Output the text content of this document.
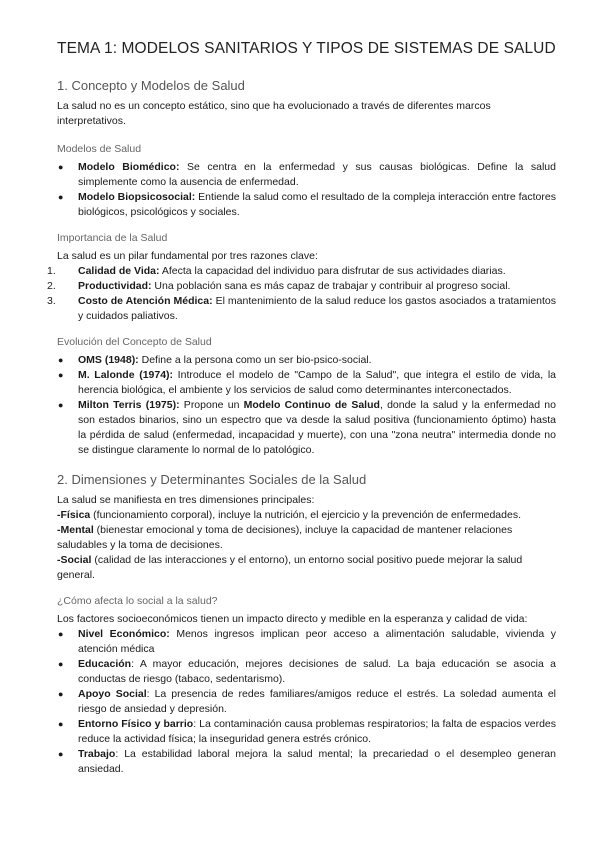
TEMA 1: MODELOS SANITARIOS Y TIPOS DE SISTEMAS DE SALUD
1. Concepto y Modelos de Salud

La salud no es un concepto estático, sino que ha evolucionado a través de diferentes marcos interpretativos.

Modelos de Salud
● Modelo Biomédico: Se centra en la enfermedad y sus causas biológicas. Define la salud simplemente como la ausencia de enfermedad.
● Modelo Biopsicosocial: Entiende la salud como el resultado de la compleja interacción entre factores biológicos, psicológicos y sociales.
Importancia de la Salud

La salud es un pilar fundamental por tres razones clave:

1. Calidad de Vida: Afecta la capacidad del individuo para disfrutar de sus actividades diarias.
2. Productividad: Una población sana es más capaz de trabajar y contribuir al progreso social.
3. Costo de Atención Médica: El mantenimiento de la salud reduce los gastos asociados a tratamientos y cuidados paliativos.
Evolución del Concepto de Salud
● OMS (1948): Define a la persona como un ser bio-psico-social.
● M. Lalonde (1974): Introduce el modelo de "Campo de la Salud", que integra el estilo de vida, la herencia biológica, el ambiente y los servicios de salud como determinantes interconectados.
● Milton Terris (1975): Propone un Modelo Continuo de Salud, donde la salud y la enfermedad no son estados binarios, sino un espectro que va desde la salud positiva (funcionamiento óptimo) hasta la pérdida de salud (enfermedad, incapacidad y muerte), con una "zona neutra" intermedia donde no se distingue claramente lo normal de lo patológico.
2. Dimensiones y Determinantes Sociales de la Salud

La salud se manifiesta en tres dimensiones principales:

-Física (funcionamiento corporal), incluye la nutrición, el ejercicio y la prevención de enfermedades.
-Mental (bienestar emocional y toma de decisiones), incluye la capacidad de mantener relaciones saludables y la toma de decisiones.
-Social (calidad de las interacciones y el entorno), un entorno social positivo puede mejorar la salud general.
¿Cómo afecta lo social a la salud?

Los factores socioeconómicos tienen un impacto directo y medible en la esperanza y calidad de vida:

● Nivel Económico: Menos ingresos implican peor acceso a alimentación saludable, vivienda y atención médica
● Educación: A mayor educación, mejores decisiones de salud. La baja educación se asocia a conductas de riesgo (tabaco, sedentarismo).
● Apoyo Social: La presencia de redes familiares/amigos reduce el estrés. La soledad aumenta el riesgo de ansiedad y depresión.
● Entorno Físico y barrio: La contaminación causa problemas respiratorios; la falta de espacios verdes reduce la actividad física; la inseguridad genera estrés crónico.
● Trabajo: La estabilidad laboral mejora la salud mental; la precariedad o el desempleo generan ansiedad.
